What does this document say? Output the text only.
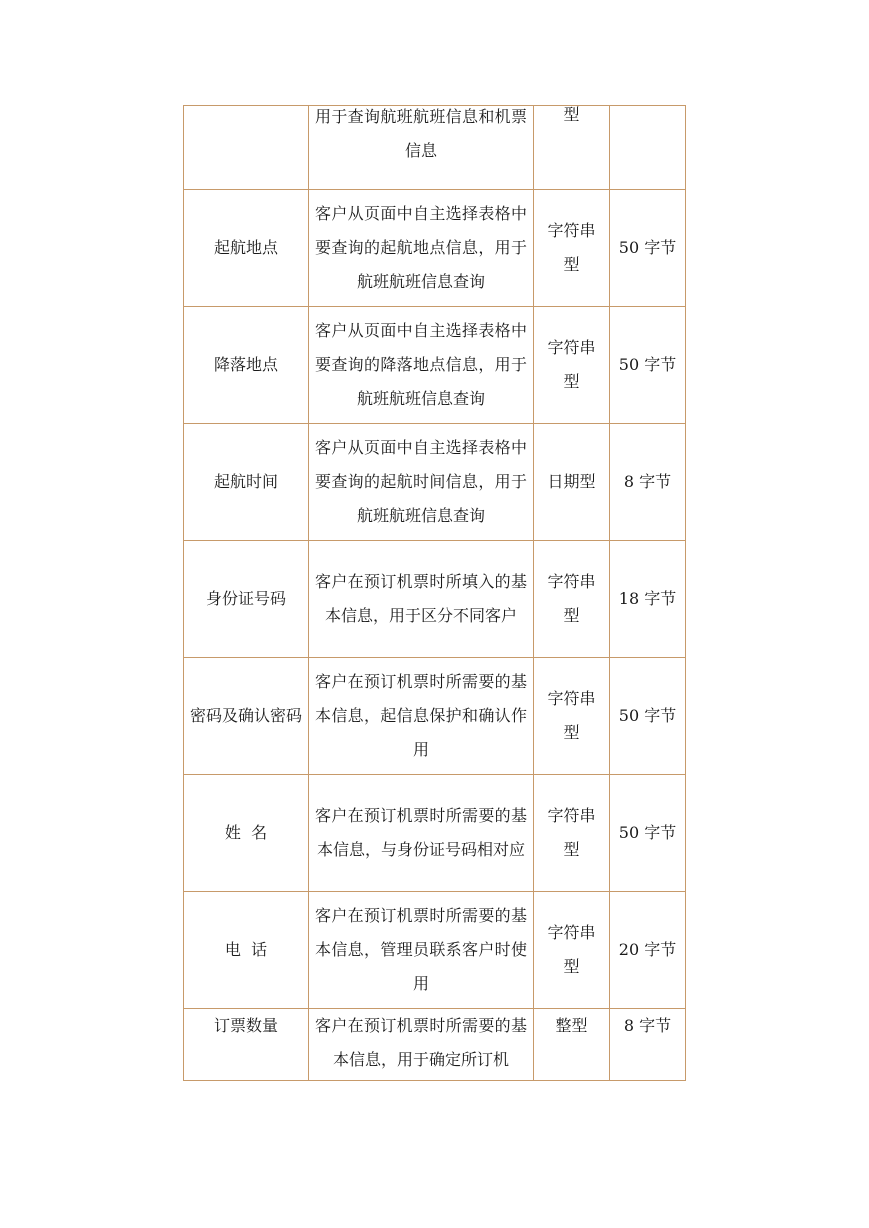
	用于查询航班航班信息和机票信息	型	

起航地点	客户从页面中自主选择表格中要查询的起航地点信息，用于航班航班信息查询	字符串型	50 字节

降落地点	客户从页面中自主选择表格中要查询的降落地点信息，用于航班航班信息查询	字符串型	50 字节

起航时间	客户从页面中自主选择表格中要查询的起航时间信息，用于航班航班信息查询	日期型	8 字节

身份证号码	客户在预订机票时所填入的基本信息，用于区分不同客户	字符串型	18 字节

密码及确认密码	客户在预订机票时所需要的基本信息，起信息保护和确认作用	字符串型	50 字节

姓  名	客户在预订机票时所需要的基本信息，与身份证号码相对应	字符串型	50 字节

电  话	客户在预订机票时所需要的基本信息，管理员联系客户时使用	字符串型	20 字节

订票数量	客户在预订机票时所需要的基本信息，用于确定所订机	整型	8 字节
